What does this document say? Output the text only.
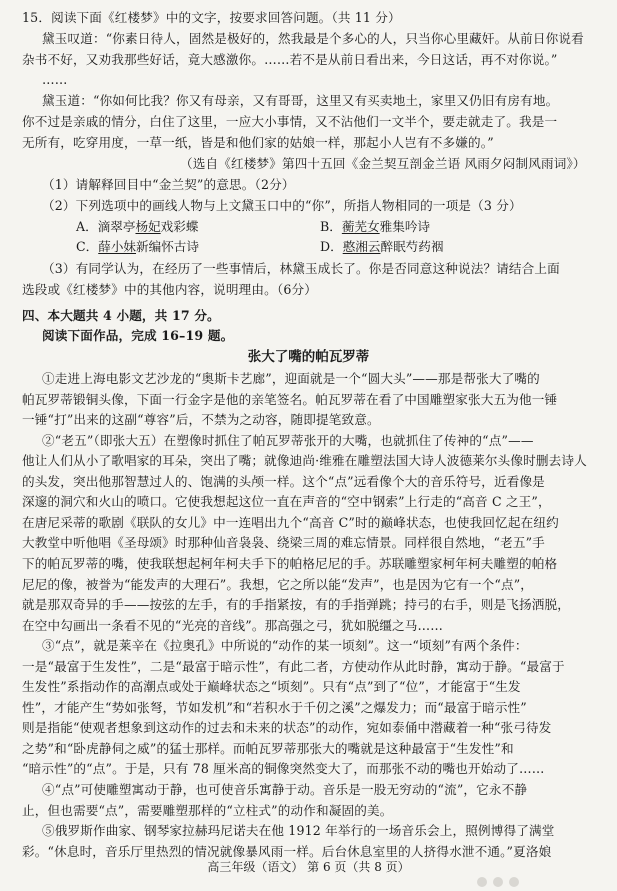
15．阅读下面《红楼梦》中的文字，按要求回答问题。（共 11 分）
黛玉叹道：“你素日待人，固然是极好的，然我最是个多心的人，只当你心里藏奸。从前日你说看
杂书不好，又劝我那些好话，竟大感激你。……若不是从前日看出来，今日这话，再不对你说。”
……
黛玉道：“你如何比我？你又有母亲，又有哥哥，这里又有买卖地土，家里又仍旧有房有地。
你不过是亲戚的情分，白住了这里，一应大小事情，又不沾他们一文半个，要走就走了。我是一
无所有，吃穿用度，一草一纸，皆是和他们家的姑娘一样，那起小人岂有不多嫌的。”
（选自《红楼梦》第四十五回《金兰契互剖金兰语 风雨夕闷制风雨词》）
（1）请解释回目中“金兰契”的意思。（2分）
（2）下列选项中的画线人物与上文黛玉口中的“你”，所指人物相同的一项是（3 分）
A．滴翠亭杨妃戏彩蝶	B．蘅芜女雅集吟诗
C．薛小妹新编怀古诗	D．憨湘云醉眠芍药裀
（3）有同学认为，在经历了一些事情后，林黛玉成长了。你是否同意这种说法？请结合上面
选段或《红楼梦》中的其他内容，说明理由。（6分）
四、本大题共 4 小题，共 17 分。
阅读下面作品，完成 16–19 题。
张大了嘴的帕瓦罗蒂
①走进上海电影文艺沙龙的“奥斯卡艺廊”，迎面就是一个“圆大头”——那是帮张大了嘴的
帕瓦罗蒂锻铜头像，下面一行金字是他的亲笔签名。帕瓦罗蒂在看了中国雕塑家张大五为他一锤
一锤“打”出来的这副“尊容”后，不禁为之动容，随即提笔致意。
②“老五”（即张大五）在塑像时抓住了帕瓦罗蒂张开的大嘴，也就抓住了传神的“点”——
他让人们从小了歌唱家的耳朵，突出了嘴；就像迪尚·维雅在雕塑法国大诗人波德莱尔头像时删去诗人
的头发，突出他那智慧过人的、饱满的头颅一样。这个“点”远看像个大的音乐符号，近看像是
深邃的洞穴和火山的喷口。它使我想起这位一直在声音的“空中钢索”上行走的“高音 C 之王”，
在唐尼采蒂的歌剧《联队的女儿》中一连唱出九个“高音 C”时的巅峰状态，也使我回忆起在纽约
大教堂中听他唱《圣母颂》时那种仙音袅袅、绕梁三周的难忘情景。同样很自然地，“老五”手
下的帕瓦罗蒂的嘴，使我联想起柯年柯夫手下的帕格尼尼的手。苏联雕塑家柯年柯夫雕塑的帕格
尼尼的像，被誉为“能发声的大理石”。我想，它之所以能“发声”，也是因为它有一个“点”，
就是那双奇异的手——按弦的左手，有的手指紧按，有的手指弹跳；持弓的右手，则是飞扬洒脱，
在空中勾画出一条看不见的“光亮的音线”。那高强之弓，犹如脱缰之马……
③“点”，就是莱辛在《拉奥孔》中所说的“动作的某一顷刻”。这一“顷刻”有两个条件：
一是“最富于生发性”，二是“最富于暗示性”，有此二者，方使动作从此时静，寓动于静。“最富于
生发性”系指动作的高潮点或处于巅峰状态之“顷刻”。只有“点”到了“位”，才能富于“生发
性”，才能产生“势如张弩，节如发机”和“若积水于千仞之溪”之爆发力；而“最富于暗示性”
则是指能“使观者想象到这动作的过去和未来的状态”的动作，宛如泰俑中潜藏着一种“张弓待发
之势”和“卧虎静伺之威”的猛士那样。而帕瓦罗蒂那张大的嘴就是这种最富于“生发性”和
“暗示性”的“点”。于是，只有 78 厘米高的铜像突然变大了，而那张不动的嘴也开始动了……
④“点”可使雕塑寓动于静，也可使音乐寓静于动。音乐是一股无穷动的“流”，它永不静
止，但也需要“点”，需要雕塑那样的“立柱式”的动作和凝固的美。
⑤俄罗斯作曲家、钢琴家拉赫玛尼诺夫在他 1912 年举行的一场音乐会上，照例博得了满堂
彩。“休息时，音乐厅里热烈的情况就像暴风雨一样。后台休息室里的人挤得水泄不通。”夏洛娘
高三年级（语文） 第 6 页（共 8 页）
